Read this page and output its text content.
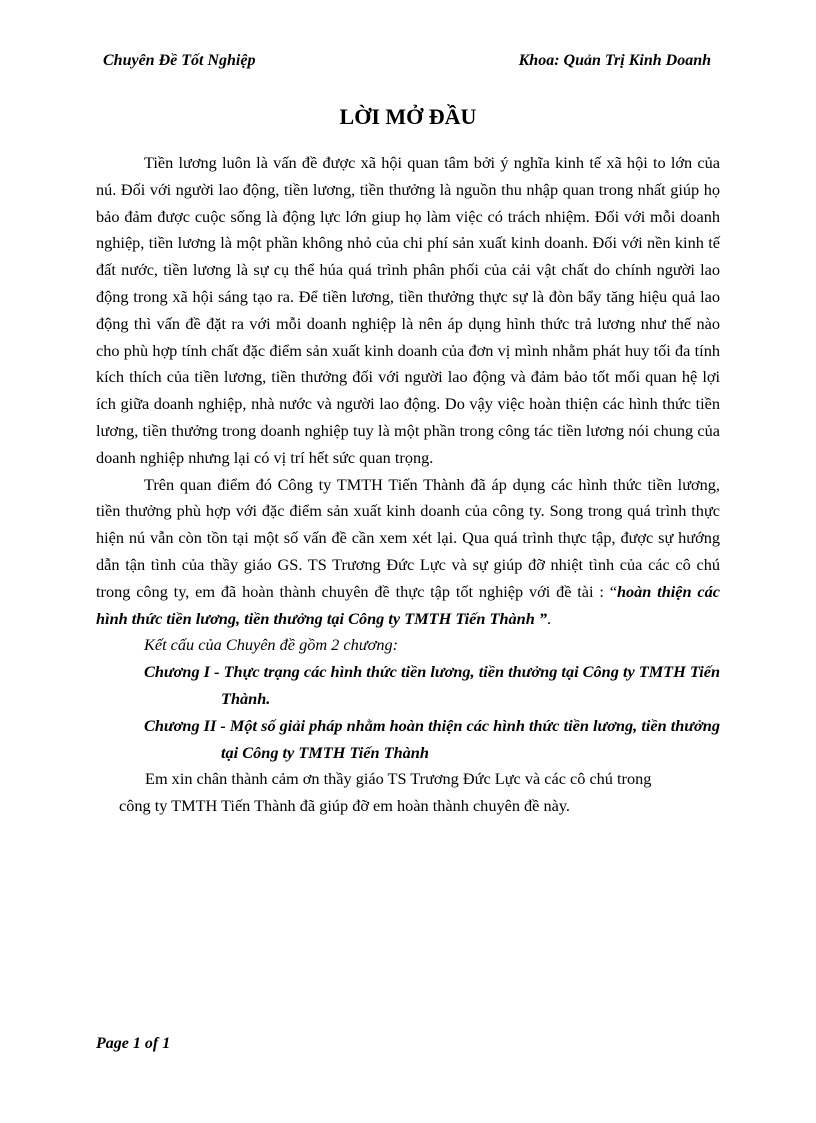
Chuyên Đề Tốt Nghiệp	Khoa: Quản Trị Kinh Doanh
LỜI MỞ ĐẦU

Tiền lương luôn là vấn đề được xã hội quan tâm bởi ý nghĩa kinh tế xã hội to lớn của nú. Đối với người lao động, tiền lương, tiền thưởng là nguồn thu nhập quan trong nhất giúp họ bảo đảm được cuộc sống là động lực lớn giup họ làm việc có trách nhiệm. Đối với mỗi doanh nghiệp, tiền lương là một phần không nhỏ của chi phí sản xuất kinh doanh. Đối với nền kinh tế đất nước, tiền lương là sự cụ thể húa quá trình phân phối của cải vật chất do chính người lao động trong xã hội sáng tạo ra. Để tiền lương, tiền thưởng thực sự là đòn bẩy tăng hiệu quả lao động thì vấn đề đặt ra với mỗi doanh nghiệp là nên áp dụng hình thức trả lương như thế nào cho phù hợp tính chất đặc điểm sản xuất kinh doanh của đơn vị mình nhằm phát huy tối đa tính kích thích của tiền lương, tiền thưởng đối với người lao động và đảm bảo tốt mối quan hệ lợi ích giữa doanh nghiệp, nhà nước và người lao động. Do vậy việc hoàn thiện các hình thức tiền lương, tiền thưởng trong doanh nghiệp tuy là một phần trong công tác tiền lương nói chung của doanh nghiệp nhưng lại có vị trí hết sức quan trọng.

Trên quan điểm đó Công ty TMTH Tiến Thành đã áp dụng các hình thức tiền lương, tiền thưởng phù hợp với đặc điểm sản xuất kinh doanh của công ty. Song trong quá trình thực hiện nú vẫn còn tồn tại một số vấn đề cần xem xét lại. Qua quá trình thực tập, được sự hướng dẫn tận tình của thầy giáo GS. TS Trương Đức Lực và sự giúp đỡ nhiệt tình của các cô chú trong công ty, em đã hoàn thành chuyên đề thực tập tốt nghiệp với đề tài : “hoàn thiện các hình thức tiền lương, tiền thưởng tại Công ty TMTH Tiến Thành ”.

Kết cấu của Chuyên đề gồm 2 chương:

Chương I - Thực trạng các hình thức tiền lương, tiền thưởng tại Công ty TMTH Tiến Thành.

Chương II - Một số giải pháp nhằm hoàn thiện các hình thức tiền lương, tiền thưởng tại Công ty TMTH Tiến Thành

Em xin chân thành cảm ơn thầy giáo TS Trương Đức Lực và các cô chú trong
công ty TMTH Tiến Thành đã giúp đỡ em hoàn thành chuyên đề này.

Page 1 of 1
